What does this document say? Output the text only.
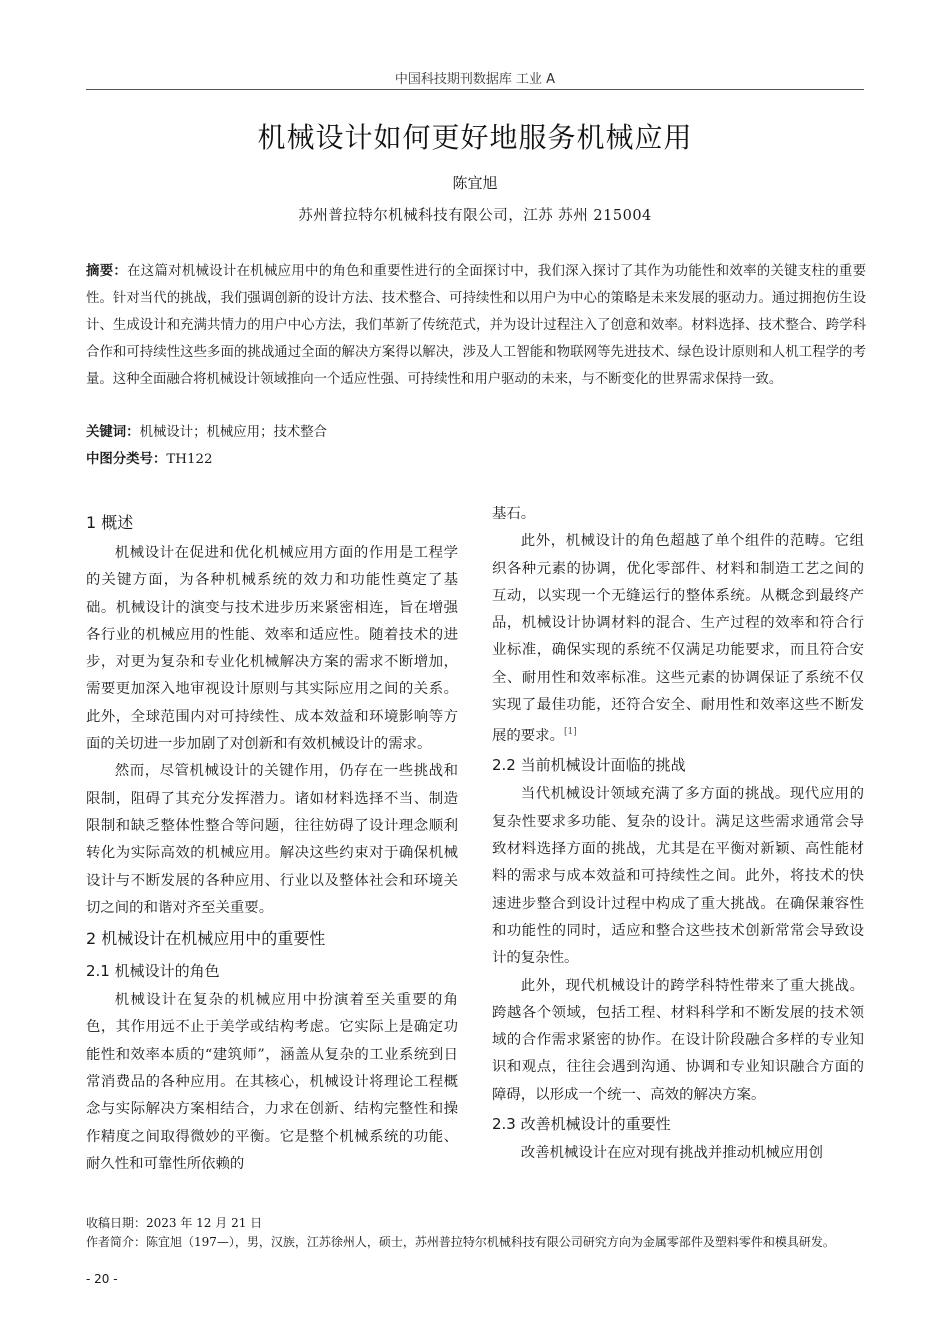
中国科技期刊数据库 工业 A
机械设计如何更好地服务机械应用
陈宜旭
苏州普拉特尔机械科技有限公司，江苏 苏州 215004
摘要：在这篇对机械设计在机械应用中的角色和重要性进行的全面探讨中，我们深入探讨了其作为功能性和效率的关键支柱的重要性。针对当代的挑战，我们强调创新的设计方法、技术整合、可持续性和以用户为中心的策略是未来发展的驱动力。通过拥抱仿生设计、生成设计和充满共情力的用户中心方法，我们革新了传统范式，并为设计过程注入了创意和效率。材料选择、技术整合、跨学科合作和可持续性这些多面的挑战通过全面的解决方案得以解决，涉及人工智能和物联网等先进技术、绿色设计原则和人机工程学的考量。这种全面融合将机械设计领域推向一个适应性强、可持续性和用户驱动的未来，与不断变化的世界需求保持一致。
关键词：机械设计；机械应用；技术整合
中图分类号：TH122
1 概述

机械设计在促进和优化机械应用方面的作用是工程学的关键方面，为各种机械系统的效力和功能性奠定了基础。机械设计的演变与技术进步历来紧密相连，旨在增强各行业的机械应用的性能、效率和适应性。随着技术的进步，对更为复杂和专业化机械解决方案的需求不断增加，需要更加深入地审视设计原则与其实际应用之间的关系。此外，全球范围内对可持续性、成本效益和环境影响等方面的关切进一步加剧了对创新和有效机械设计的需求。

然而，尽管机械设计的关键作用，仍存在一些挑战和限制，阻碍了其充分发挥潜力。诸如材料选择不当、制造限制和缺乏整体性整合等问题，往往妨碍了设计理念顺利转化为实际高效的机械应用。解决这些约束对于确保机械设计与不断发展的各种应用、行业以及整体社会和环境关切之间的和谐对齐至关重要。

2 机械设计在机械应用中的重要性
2.1 机械设计的角色

机械设计在复杂的机械应用中扮演着至关重要的角色，其作用远不止于美学或结构考虑。它实际上是确定功能性和效率本质的“建筑师”，涵盖从复杂的工业系统到日常消费品的各种应用。在其核心，机械设计将理论工程概念与实际解决方案相结合，力求在创新、结构完整性和操作精度之间取得微妙的平衡。它是整个机械系统的功能、耐久性和可靠性所依赖的

基石。

此外，机械设计的角色超越了单个组件的范畴。它组织各种元素的协调，优化零部件、材料和制造工艺之间的互动，以实现一个无缝运行的整体系统。从概念到最终产品，机械设计协调材料的混合、生产过程的效率和符合行业标准，确保实现的系统不仅满足功能要求，而且符合安全、耐用性和效率标准。这些元素的协调保证了系统不仅实现了最佳功能，还符合安全、耐用性和效率这些不断发展的要求。[1]

2.2 当前机械设计面临的挑战

当代机械设计领域充满了多方面的挑战。现代应用的复杂性要求多功能、复杂的设计。满足这些需求通常会导致材料选择方面的挑战，尤其是在平衡对新颖、高性能材料的需求与成本效益和可持续性之间。此外，将技术的快速进步整合到设计过程中构成了重大挑战。在确保兼容性和功能性的同时，适应和整合这些技术创新常常会导致设计的复杂性。

此外，现代机械设计的跨学科特性带来了重大挑战。跨越各个领域，包括工程、材料科学和不断发展的技术领域的合作需求紧密的协作。在设计阶段融合多样的专业知识和观点，往往会遇到沟通、协调和专业知识融合方面的障碍，以形成一个统一、高效的解决方案。

2.3 改善机械设计的重要性

改善机械设计在应对现有挑战并推动机械应用创

收稿日期：2023 年 12 月 21 日
作者简介：陈宜旭（197—），男，汉族，江苏徐州人，硕士，苏州普拉特尔机械科技有限公司研究方向为金属零部件及塑料零件和模具研发。
- 20 -
